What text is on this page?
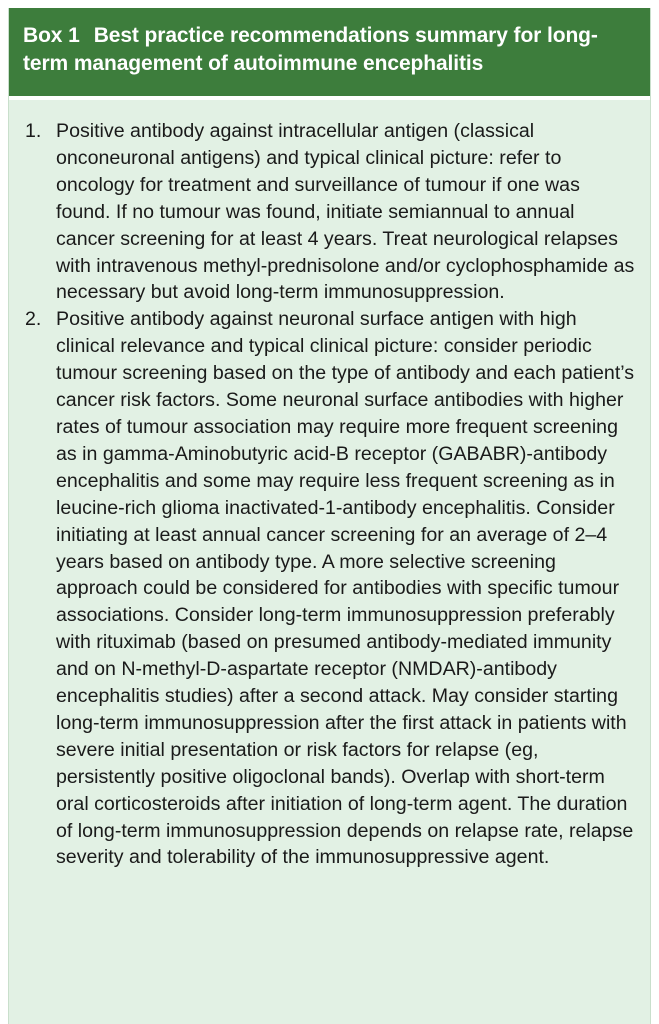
Box 1 Best practice recommendations summary for long-term management of autoimmune encephalitis
1. Positive antibody against intracellular antigen (classical onconeuronal antigens) and typical clinical picture: refer to oncology for treatment and surveillance of tumour if one was found. If no tumour was found, initiate semiannual to annual cancer screening for at least 4 years. Treat neurological relapses with intravenous methyl-prednisolone and/or cyclophosphamide as necessary but avoid long-term immunosuppression.
2. Positive antibody against neuronal surface antigen with high clinical relevance and typical clinical picture: consider periodic tumour screening based on the type of antibody and each patient’s cancer risk factors. Some neuronal surface antibodies with higher rates of tumour association may require more frequent screening as in gamma-Aminobutyric acid-B receptor (GABABR)-antibody encephalitis and some may require less frequent screening as in leucine-rich glioma inactivated-1-antibody encephalitis. Consider initiating at least annual cancer screening for an average of 2–4 years based on antibody type. A more selective screening approach could be considered for antibodies with specific tumour associations. Consider long-term immunosuppression preferably with rituximab (based on presumed antibody-mediated immunity and on N-methyl-D-aspartate receptor (NMDAR)-antibody encephalitis studies) after a second attack. May consider starting long-term immunosuppression after the first attack in patients with severe initial presentation or risk factors for relapse (eg, persistently positive oligoclonal bands). Overlap with short-term oral corticosteroids after initiation of long-term agent. The duration of long-term immunosuppression depends on relapse rate, relapse severity and tolerability of the immunosuppressive agent.
